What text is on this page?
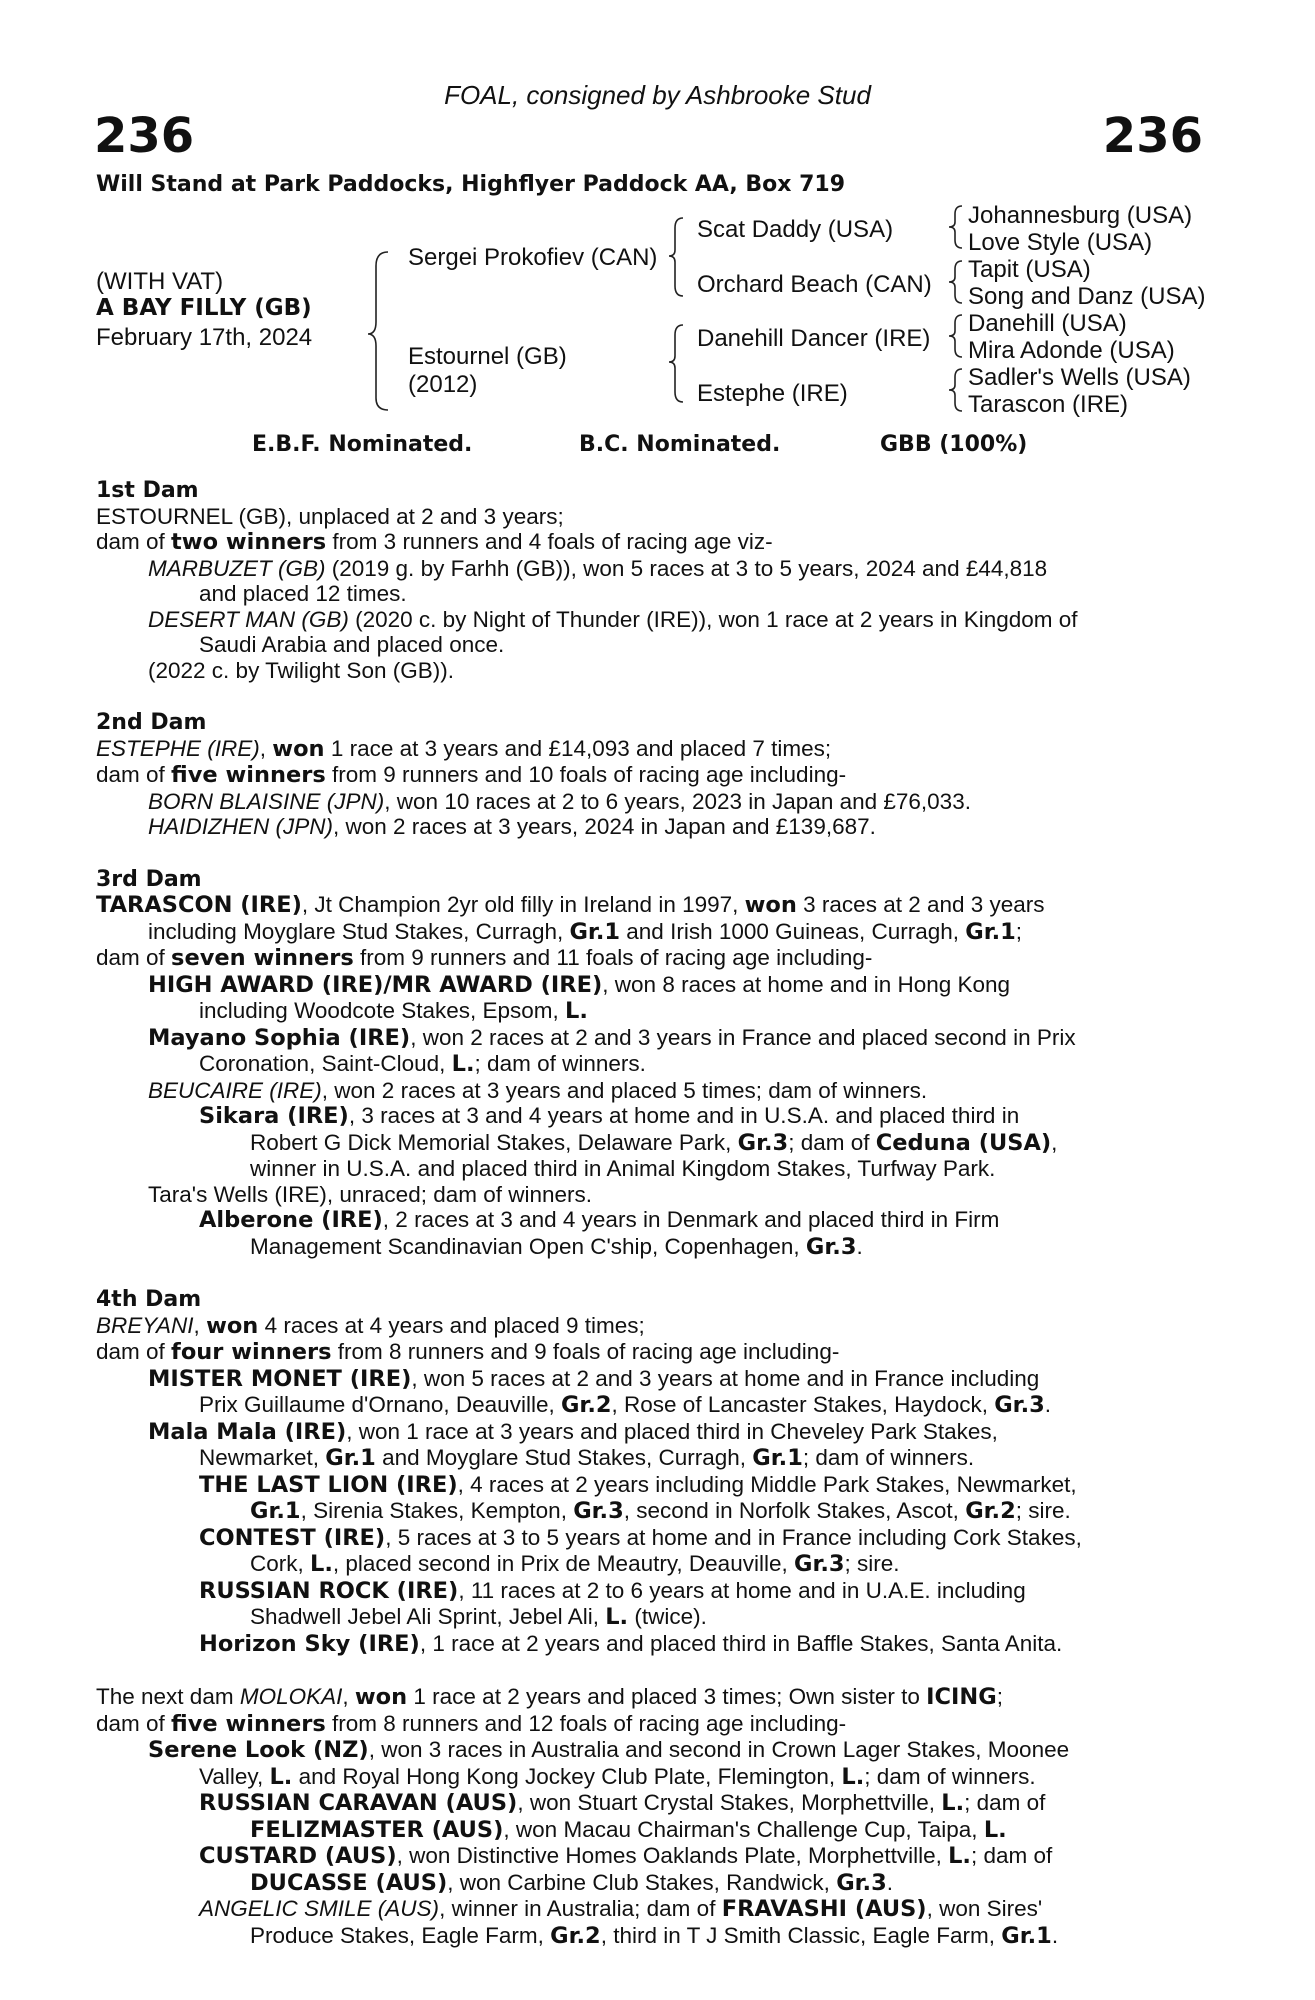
FOAL, consigned by Ashbrooke Stud
236	236
Will Stand at Park Paddocks, Highflyer Paddock AA, Box 719
(WITH VAT)
A BAY FILLY (GB)
February 17th, 2024
Sergei Prokofiev (CAN)
Estournel (GB)
(2012)
Scat Daddy (USA)
Orchard Beach (CAN)
Danehill Dancer (IRE)
Estephe (IRE)
Johannesburg (USA)
Love Style (USA)
Tapit (USA)
Song and Danz (USA)
Danehill (USA)
Mira Adonde (USA)
Sadler's Wells (USA)
Tarascon (IRE)
E.B.F. Nominated.	B.C. Nominated.	GBB (100%)
1st Dam
ESTOURNEL (GB), unplaced at 2 and 3 years;
dam of two winners from 3 runners and 4 foals of racing age viz-
MARBUZET (GB) (2019 g. by Farhh (GB)), won 5 races at 3 to 5 years, 2024 and £44,818
and placed 12 times.
DESERT MAN (GB) (2020 c. by Night of Thunder (IRE)), won 1 race at 2 years in Kingdom of
Saudi Arabia and placed once.
(2022 c. by Twilight Son (GB)).
2nd Dam
ESTEPHE (IRE), won 1 race at 3 years and £14,093 and placed 7 times;
dam of five winners from 9 runners and 10 foals of racing age including-
BORN BLAISINE (JPN), won 10 races at 2 to 6 years, 2023 in Japan and £76,033.
HAIDIZHEN (JPN), won 2 races at 3 years, 2024 in Japan and £139,687.
3rd Dam
TARASCON (IRE), Jt Champion 2yr old filly in Ireland in 1997, won 3 races at 2 and 3 years
including Moyglare Stud Stakes, Curragh, Gr.1 and Irish 1000 Guineas, Curragh, Gr.1;
dam of seven winners from 9 runners and 11 foals of racing age including-
HIGH AWARD (IRE)/MR AWARD (IRE), won 8 races at home and in Hong Kong
including Woodcote Stakes, Epsom, L.
Mayano Sophia (IRE), won 2 races at 2 and 3 years in France and placed second in Prix
Coronation, Saint-Cloud, L.; dam of winners.
BEUCAIRE (IRE), won 2 races at 3 years and placed 5 times; dam of winners.
Sikara (IRE), 3 races at 3 and 4 years at home and in U.S.A. and placed third in
Robert G Dick Memorial Stakes, Delaware Park, Gr.3; dam of Ceduna (USA),
winner in U.S.A. and placed third in Animal Kingdom Stakes, Turfway Park.
Tara's Wells (IRE), unraced; dam of winners.
Alberone (IRE), 2 races at 3 and 4 years in Denmark and placed third in Firm
Management Scandinavian Open C'ship, Copenhagen, Gr.3.
4th Dam
BREYANI, won 4 races at 4 years and placed 9 times;
dam of four winners from 8 runners and 9 foals of racing age including-
MISTER MONET (IRE), won 5 races at 2 and 3 years at home and in France including
Prix Guillaume d'Ornano, Deauville, Gr.2, Rose of Lancaster Stakes, Haydock, Gr.3.
Mala Mala (IRE), won 1 race at 3 years and placed third in Cheveley Park Stakes,
Newmarket, Gr.1 and Moyglare Stud Stakes, Curragh, Gr.1; dam of winners.
THE LAST LION (IRE), 4 races at 2 years including Middle Park Stakes, Newmarket,
Gr.1, Sirenia Stakes, Kempton, Gr.3, second in Norfolk Stakes, Ascot, Gr.2; sire.
CONTEST (IRE), 5 races at 3 to 5 years at home and in France including Cork Stakes,
Cork, L., placed second in Prix de Meautry, Deauville, Gr.3; sire.
RUSSIAN ROCK (IRE), 11 races at 2 to 6 years at home and in U.A.E. including
Shadwell Jebel Ali Sprint, Jebel Ali, L. (twice).
Horizon Sky (IRE), 1 race at 2 years and placed third in Baffle Stakes, Santa Anita.
The next dam MOLOKAI, won 1 race at 2 years and placed 3 times; Own sister to ICING;
dam of five winners from 8 runners and 12 foals of racing age including-
Serene Look (NZ), won 3 races in Australia and second in Crown Lager Stakes, Moonee
Valley, L. and Royal Hong Kong Jockey Club Plate, Flemington, L.; dam of winners.
RUSSIAN CARAVAN (AUS), won Stuart Crystal Stakes, Morphettville, L.; dam of
FELIZMASTER (AUS), won Macau Chairman's Challenge Cup, Taipa, L.
CUSTARD (AUS), won Distinctive Homes Oaklands Plate, Morphettville, L.; dam of
DUCASSE (AUS), won Carbine Club Stakes, Randwick, Gr.3.
ANGELIC SMILE (AUS), winner in Australia; dam of FRAVASHI (AUS), won Sires'
Produce Stakes, Eagle Farm, Gr.2, third in T J Smith Classic, Eagle Farm, Gr.1.
